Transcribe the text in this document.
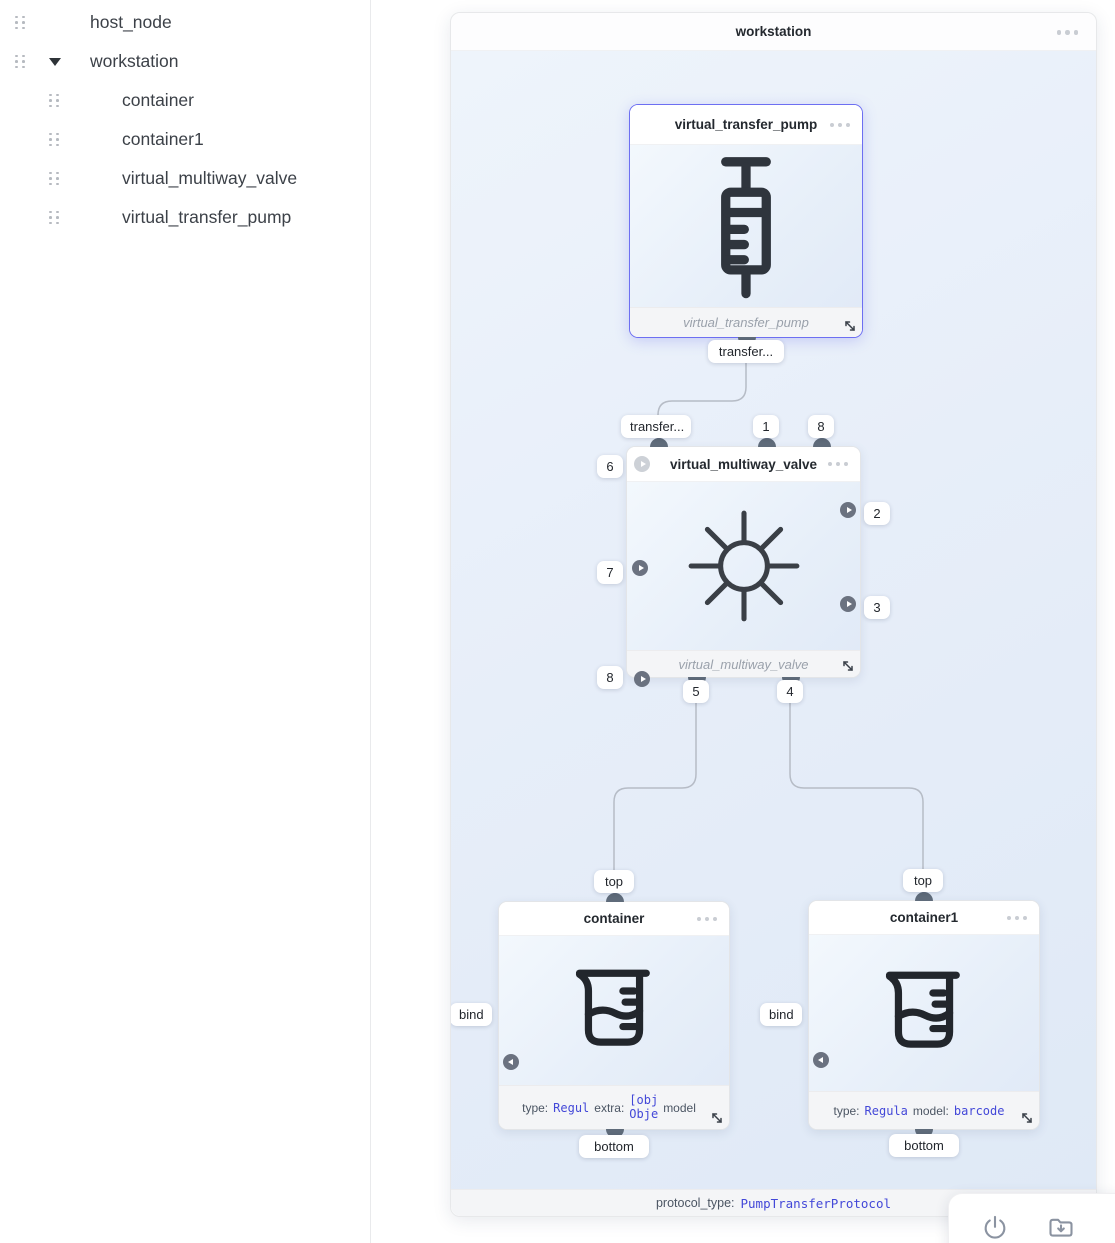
host_node
workstation
container
container1
virtual_multiway_valve
virtual_transfer_pump
workstation
virtual_transfer_pump
virtual_transfer_pump
transfer...
virtual_multiway_valve
virtual_multiway_valve
transfer...	1	8
6
7
8
2
3
5	4
container
type: Regul extra:
[obj
Obje model
top
bind
bottom
container1
type: Regula model: barcode
top
bind
bottom
protocol_type: PumpTransferProtocol
